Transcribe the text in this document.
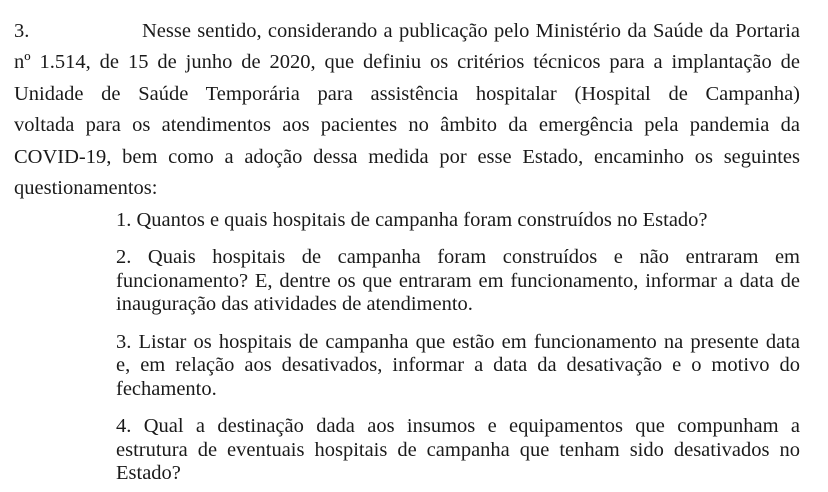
3.	Nesse sentido, considerando a publicação pelo Ministério da Saúde da Portaria
nº 1.514, de 15 de junho de 2020, que definiu os critérios técnicos para a implantação de
Unidade de Saúde Temporária para assistência hospitalar (Hospital de Campanha)
voltada para os atendimentos aos pacientes no âmbito da emergência pela pandemia da
COVID-19, bem como a adoção dessa medida por esse Estado, encaminho os seguintes
questionamentos:
1. Quantos e quais hospitais de campanha foram construídos no Estado?
2. Quais hospitais de campanha foram construídos e não entraram em
funcionamento? E, dentre os que entraram em funcionamento, informar a data de
inauguração das atividades de atendimento.
3. Listar os hospitais de campanha que estão em funcionamento na presente data
e, em relação aos desativados, informar a data da desativação e o motivo do
fechamento.
4. Qual a destinação dada aos insumos e equipamentos que compunham a
estrutura de eventuais hospitais de campanha que tenham sido desativados no
Estado?
